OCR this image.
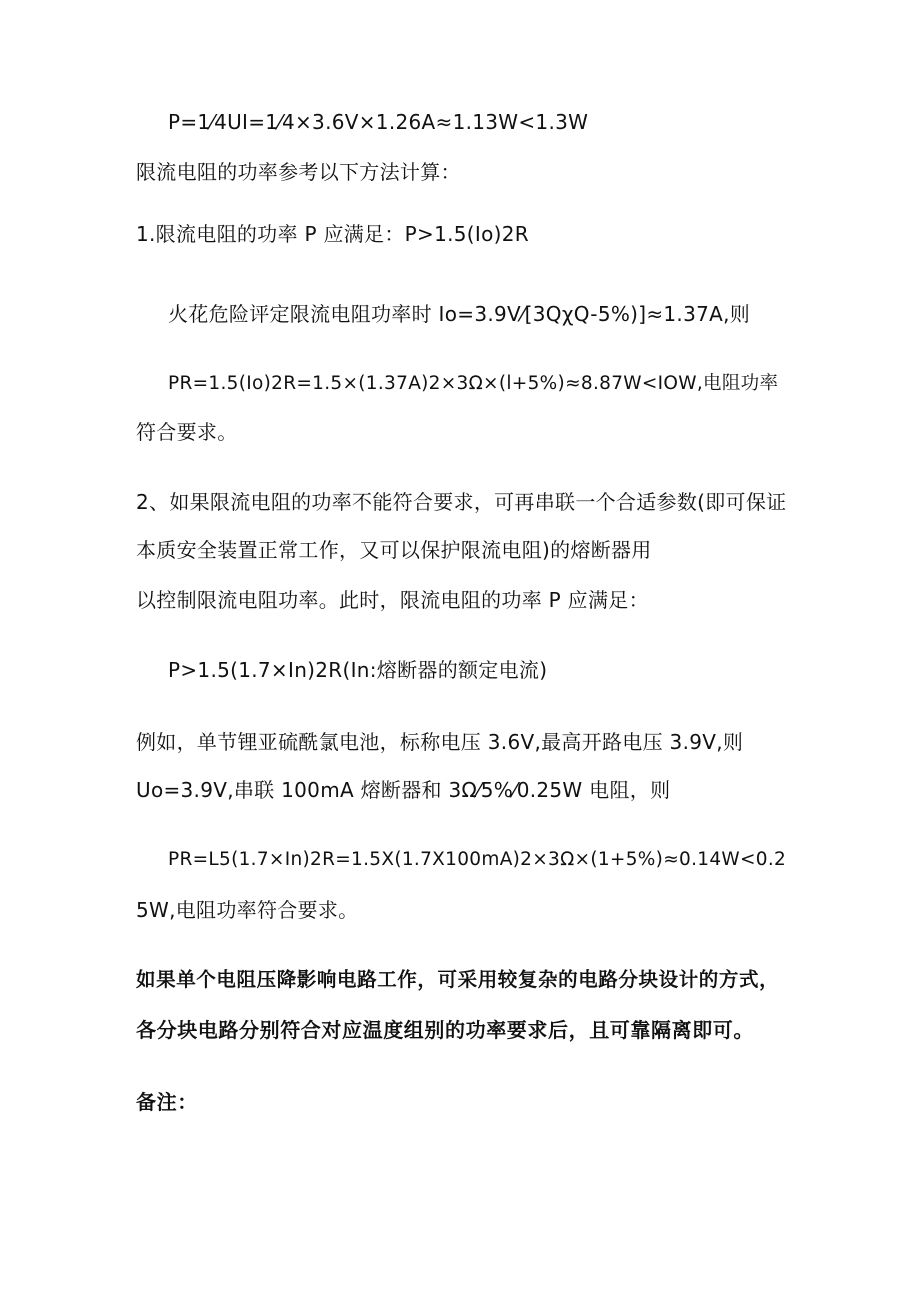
P=1⁄4UI=1⁄4×3.6V×1.26A≈1.13W<1.3W

限流电阻的功率参考以下方法计算：

1.限流电阻的功率 P 应满足：P>1.5(Io)2R

火花危险评定限流电阻功率时 Io=3.9V⁄[3QχQ-5%)]≈1.37A,则

PR=1.5(Io)2R=1.5×(1.37A)2×3Ω×(l+5%)≈8.87W<IOW,电阻功率

符合要求。

2、如果限流电阻的功率不能符合要求，可再串联一个合适参数(即可保证

本质安全装置正常工作，又可以保护限流电阻)的熔断器用

以控制限流电阻功率。此时，限流电阻的功率 P 应满足：

P>1.5(1.7×In)2R(In:熔断器的额定电流)

例如，单节锂亚硫酰氯电池，标称电压 3.6V,最高开路电压 3.9V,则

Uo=3.9V,串联 100mA 熔断器和 3Ω⁄5%⁄0.25W 电阻，则

PR=L5(1.7×In)2R=1.5X(1.7X100mA)2×3Ω×(1+5%)≈0.14W<0.2

5W,电阻功率符合要求。

如果单个电阻压降影响电路工作，可采用较复杂的电路分块设计的方式，

各分块电路分别符合对应温度组别的功率要求后，且可靠隔离即可。

备注：
